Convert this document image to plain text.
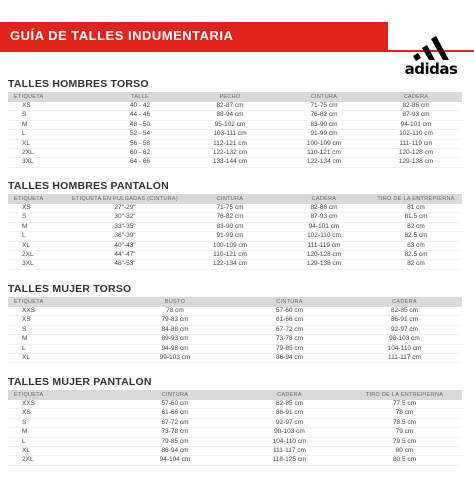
GUÍA DE TALLES INDUMENTARIA
adidas
TALLES HOMBRES TORSO
ETIQUETA	TALLE	PECHO	CINTURA	CADERA
XS	40 - 42	82-87 cm	71-75 cm	82-86 cm
S	44 - 46	88-94 cm	76-82 cm	87-93 cm
M	48 - 50	95-102 cm	83-90 cm	94-101 cm
L	52 - 54	103-111 cm	91-99 cm	102-110 cm
XL	56 - 58	112-121 cm	100-109 cm	111-119 cm
2XL	60 - 62	122-132 cm	110-121 cm	120-128 cm
3XL	64 - 66	133-144 cm	122-134 cm	129-138 cm
TALLES HOMBRES PANTALON
ETIQUETA	ETIQUETA EN PULGADAS (CINTURA)	CINTURA	CADERA	TIRO DE LA ENTREPIERNA
XS	27"-29"	71-75 cm	82-86 cm	81 cm
S	30"-32"	76-82 cm	87-93 cm	81.5 cm
M	33"-35"	83-90 cm	94-101 cm	82 cm
L	36"-39"	91-99 cm	102-110 cm	82.5 cm
XL	40"-43"	100-109 cm	111-119 cm	83 cm
2XL	44"-47"	110-121 cm	120-128 cm	82.5 cm
3XL	48"-53"	122-134 cm	129-138 cm	82 cm
TALLES MUJER TORSO
ETIQUETA	BUSTO	CINTURA	CADERA
XXS	78 cm	57-60 cm	82-85 cm
XS	79-83 cm	61-66 cm	86-91 cm
S	84-88 cm	67-72 cm	92-97 cm
M	89-93 cm	73-78 cm	98-103 cm
L	94-98 cm	79-85 cm	104-110 cm
XL	99-103 cm	86-94 cm	111-117 cm
TALLES MUJER PANTALON
ETIQUETA	CINTURA	CADERA	TIRO DE LA ENTREPIERNA
XXS	57-60 cm	82-85 cm	77.5 cm
XS	61-66 cm	86-91 cm	78 cm
S	67-72 cm	92-97 cm	78.5 cm
M	73-78 cm	98-103 cm	79 cm
L	79-85 cm	104-110 cm	79.5 cm
XL	86-94 cm	111-117 cm	80 cm
2XL	94-104 cm	118-125 cm	80.5 cm
